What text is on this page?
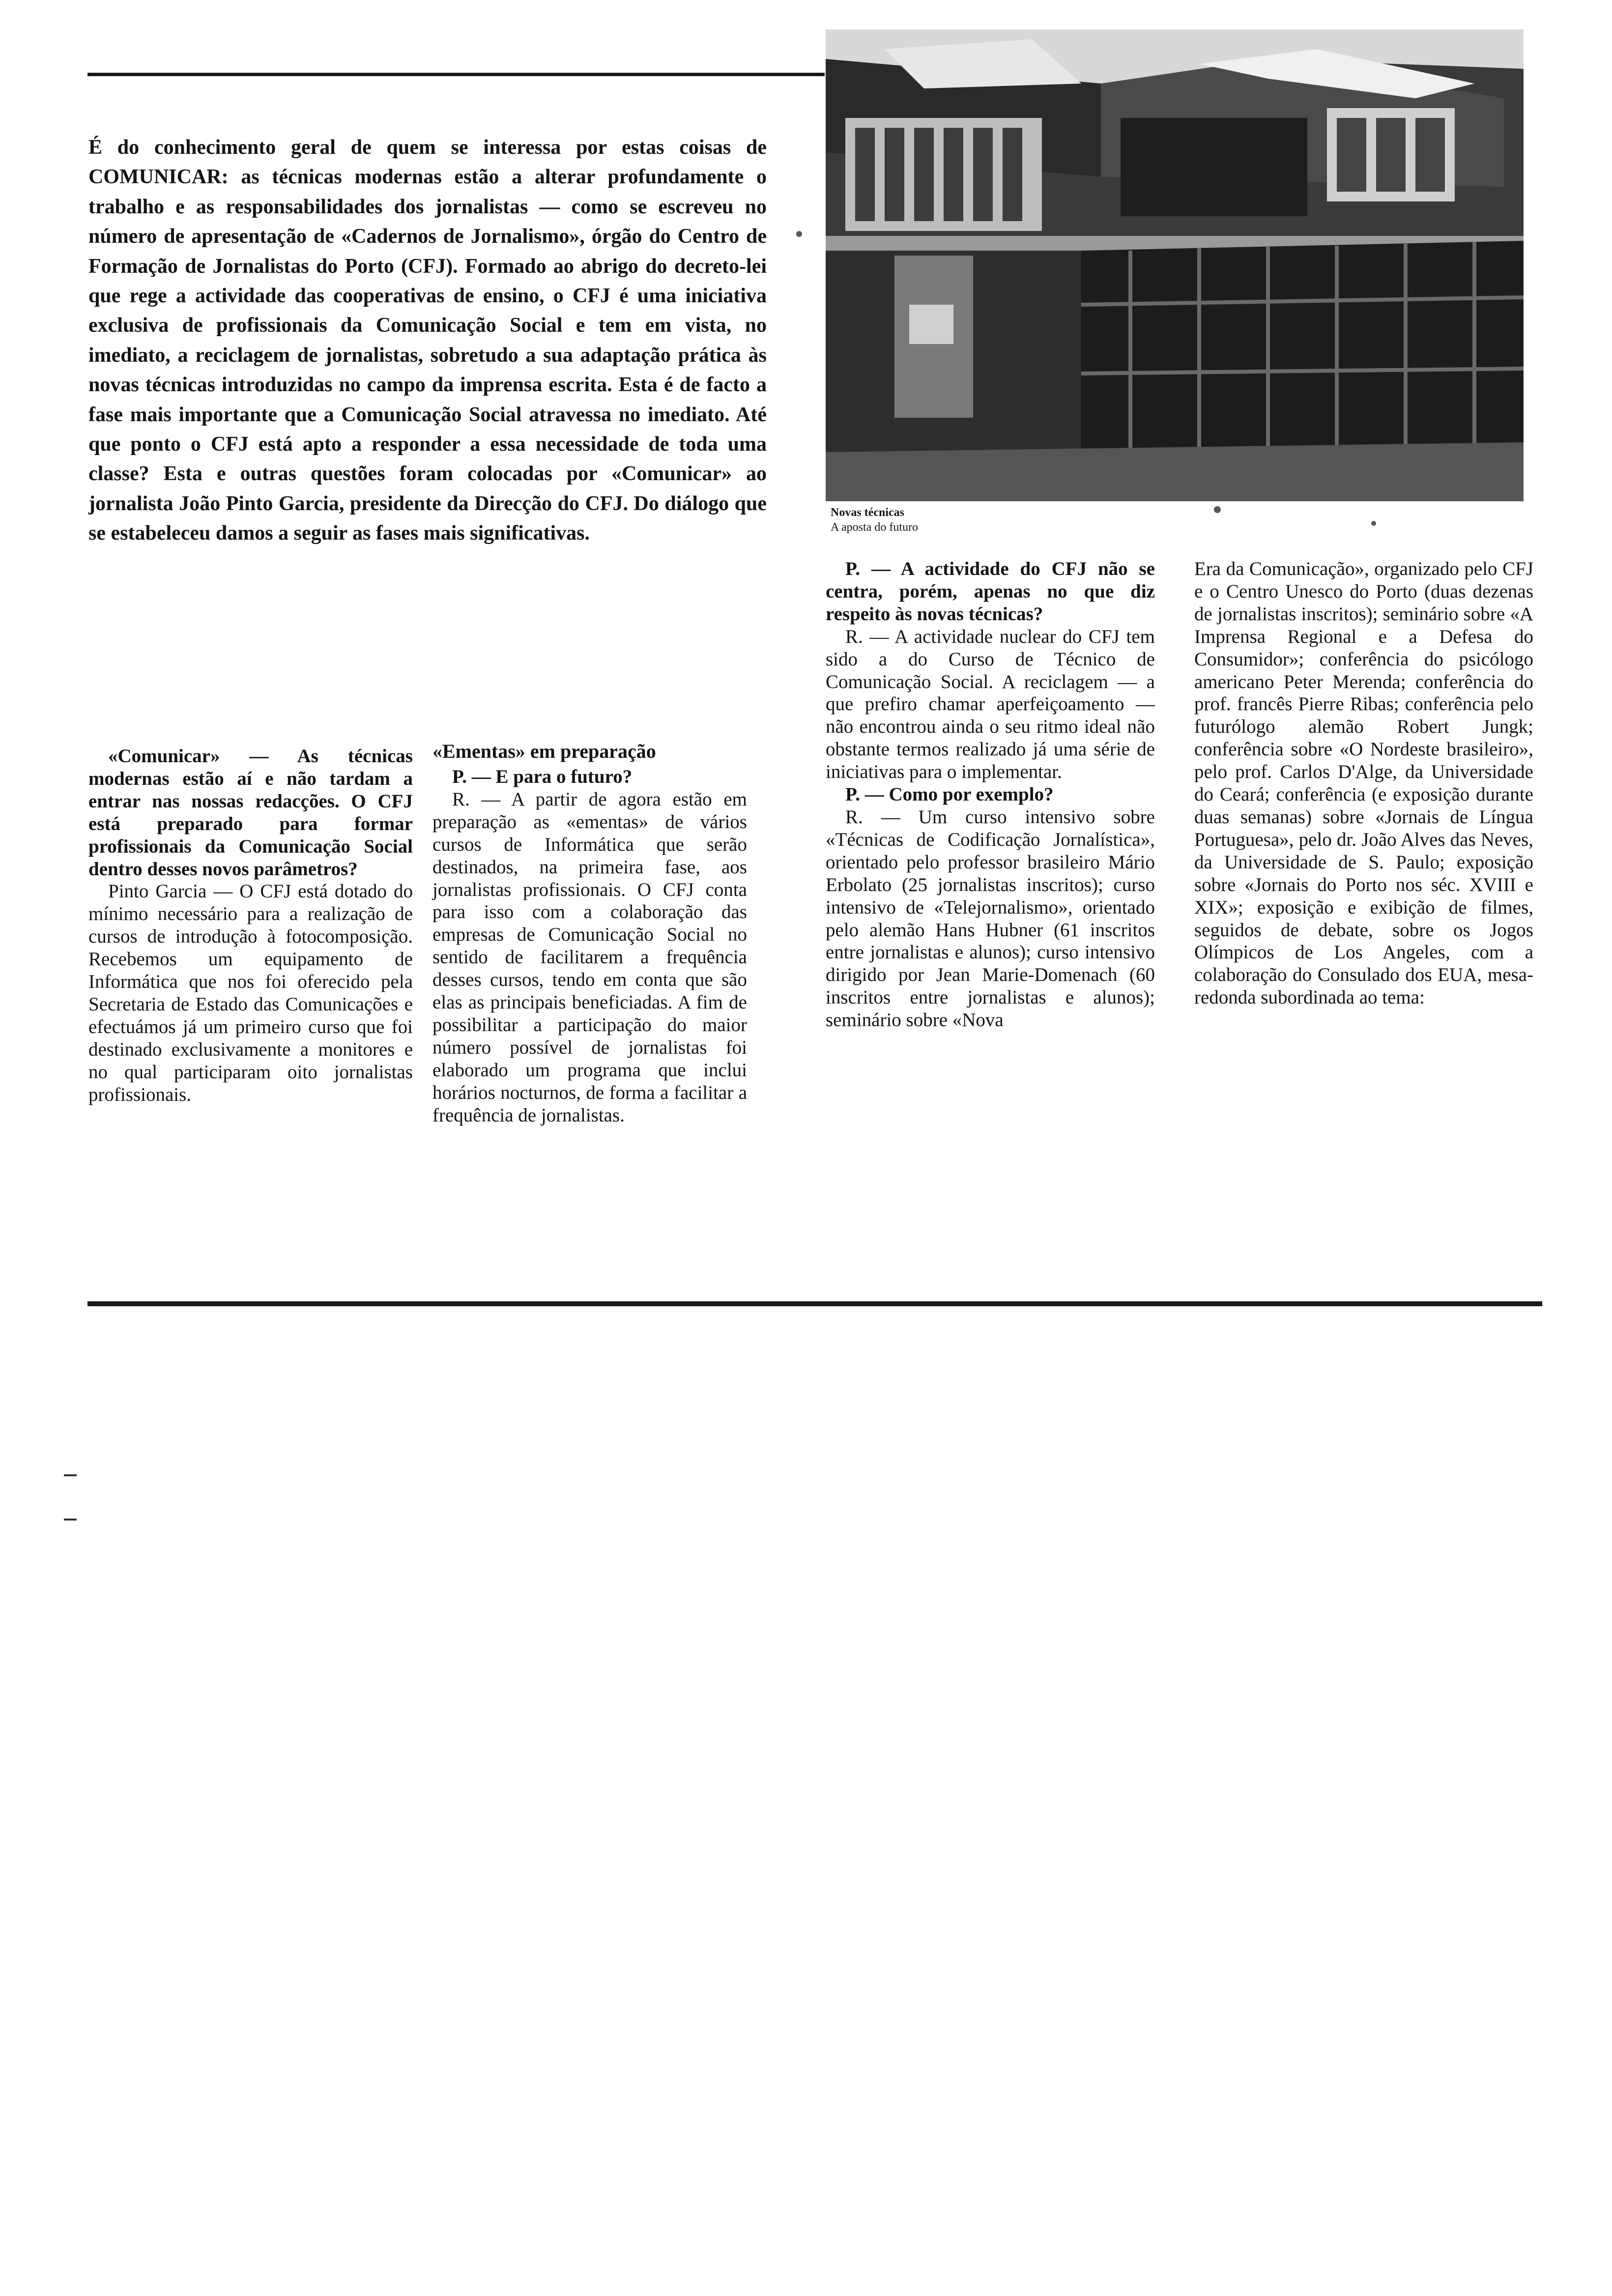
É do conhecimento geral de quem se interessa por estas coisas de COMUNICAR: as técnicas modernas estão a alterar profundamente o trabalho e as responsabilidades dos jornalistas — como se escreveu no número de apresentação de «Cadernos de Jornalismo», órgão do Centro de Formação de Jornalistas do Porto (CFJ). Formado ao abrigo do decreto-lei que rege a actividade das cooperativas de ensino, o CFJ é uma iniciativa exclusiva de profissionais da Comunicação Social e tem em vista, no imediato, a reciclagem de jornalistas, sobretudo a sua adaptação prática às novas técnicas introduzidas no campo da imprensa escrita. Esta é de facto a fase mais importante que a Comunicação Social atravessa no imediato. Até que ponto o CFJ está apto a responder a essa necessidade de toda uma classe? Esta e outras questões foram colocadas por «Comunicar» ao jornalista João Pinto Garcia, presidente da Direcção do CFJ. Do diálogo que se estabeleceu damos a seguir as fases mais significativas.
Novas técnicas
A aposta do futuro

«Comunicar» — As técnicas modernas estão aí e não tardam a entrar nas nossas redacções. O CFJ está preparado para formar profissionais da Comunicação Social dentro desses novos parâmetros?

Pinto Garcia — O CFJ está dotado do mínimo necessário para a realização de cursos de introdução à fotocomposição. Recebemos um equipamento de Informática que nos foi oferecido pela Secretaria de Estado das Comunicações e efectuámos já um primeiro curso que foi destinado exclusivamente a monitores e no qual participaram oito jornalistas profissionais.

«Ementas» em preparação

P. — E para o futuro?

R. — A partir de agora estão em preparação as «ementas» de vários cursos de Informática que serão destinados, na primeira fase, aos jornalistas profissionais. O CFJ conta para isso com a colaboração das empresas de Comunicação Social no sentido de facilitarem a frequência desses cursos, tendo em conta que são elas as principais beneficiadas. A fim de possibilitar a participação do maior número possível de jornalistas foi elaborado um programa que inclui horários nocturnos, de forma a facilitar a frequência de jornalistas.

P. — A actividade do CFJ não se centra, porém, apenas no que diz respeito às novas técnicas?

R. — A actividade nuclear do CFJ tem sido a do Curso de Técnico de Comunicação Social. A reciclagem — a que prefiro chamar aperfeiçoamento — não encontrou ainda o seu ritmo ideal não obstante termos realizado já uma série de iniciativas para o implementar.

P. — Como por exemplo?

R. — Um curso intensivo sobre «Técnicas de Codificação Jornalística», orientado pelo professor brasileiro Mário Erbolato (25 jornalistas inscritos); curso intensivo de «Telejornalismo», orientado pelo alemão Hans Hubner (61 inscritos entre jornalistas e alunos); curso intensivo dirigido por Jean Marie-Domenach (60 inscritos entre jornalistas e alunos); seminário sobre «Nova

Era da Comunicação», organizado pelo CFJ e o Centro Unesco do Porto (duas dezenas de jornalistas inscritos); seminário sobre «A Imprensa Regional e a Defesa do Consumidor»; conferência do psicólogo americano Peter Merenda; conferência do prof. francês Pierre Ribas; conferência pelo futurólogo alemão Robert Jungk; conferência sobre «O Nordeste brasileiro», pelo prof. Carlos D'Alge, da Universidade do Ceará; conferência (e exposição durante duas semanas) sobre «Jornais de Língua Portuguesa», pelo dr. João Alves das Neves, da Universidade de S. Paulo; exposição sobre «Jornais do Porto nos séc. XVIII e XIX»; exposição e exibição de filmes, seguidos de debate, sobre os Jogos Olímpicos de Los Angeles, com a colaboração do Consulado dos EUA, mesa-redonda subordinada ao tema:
